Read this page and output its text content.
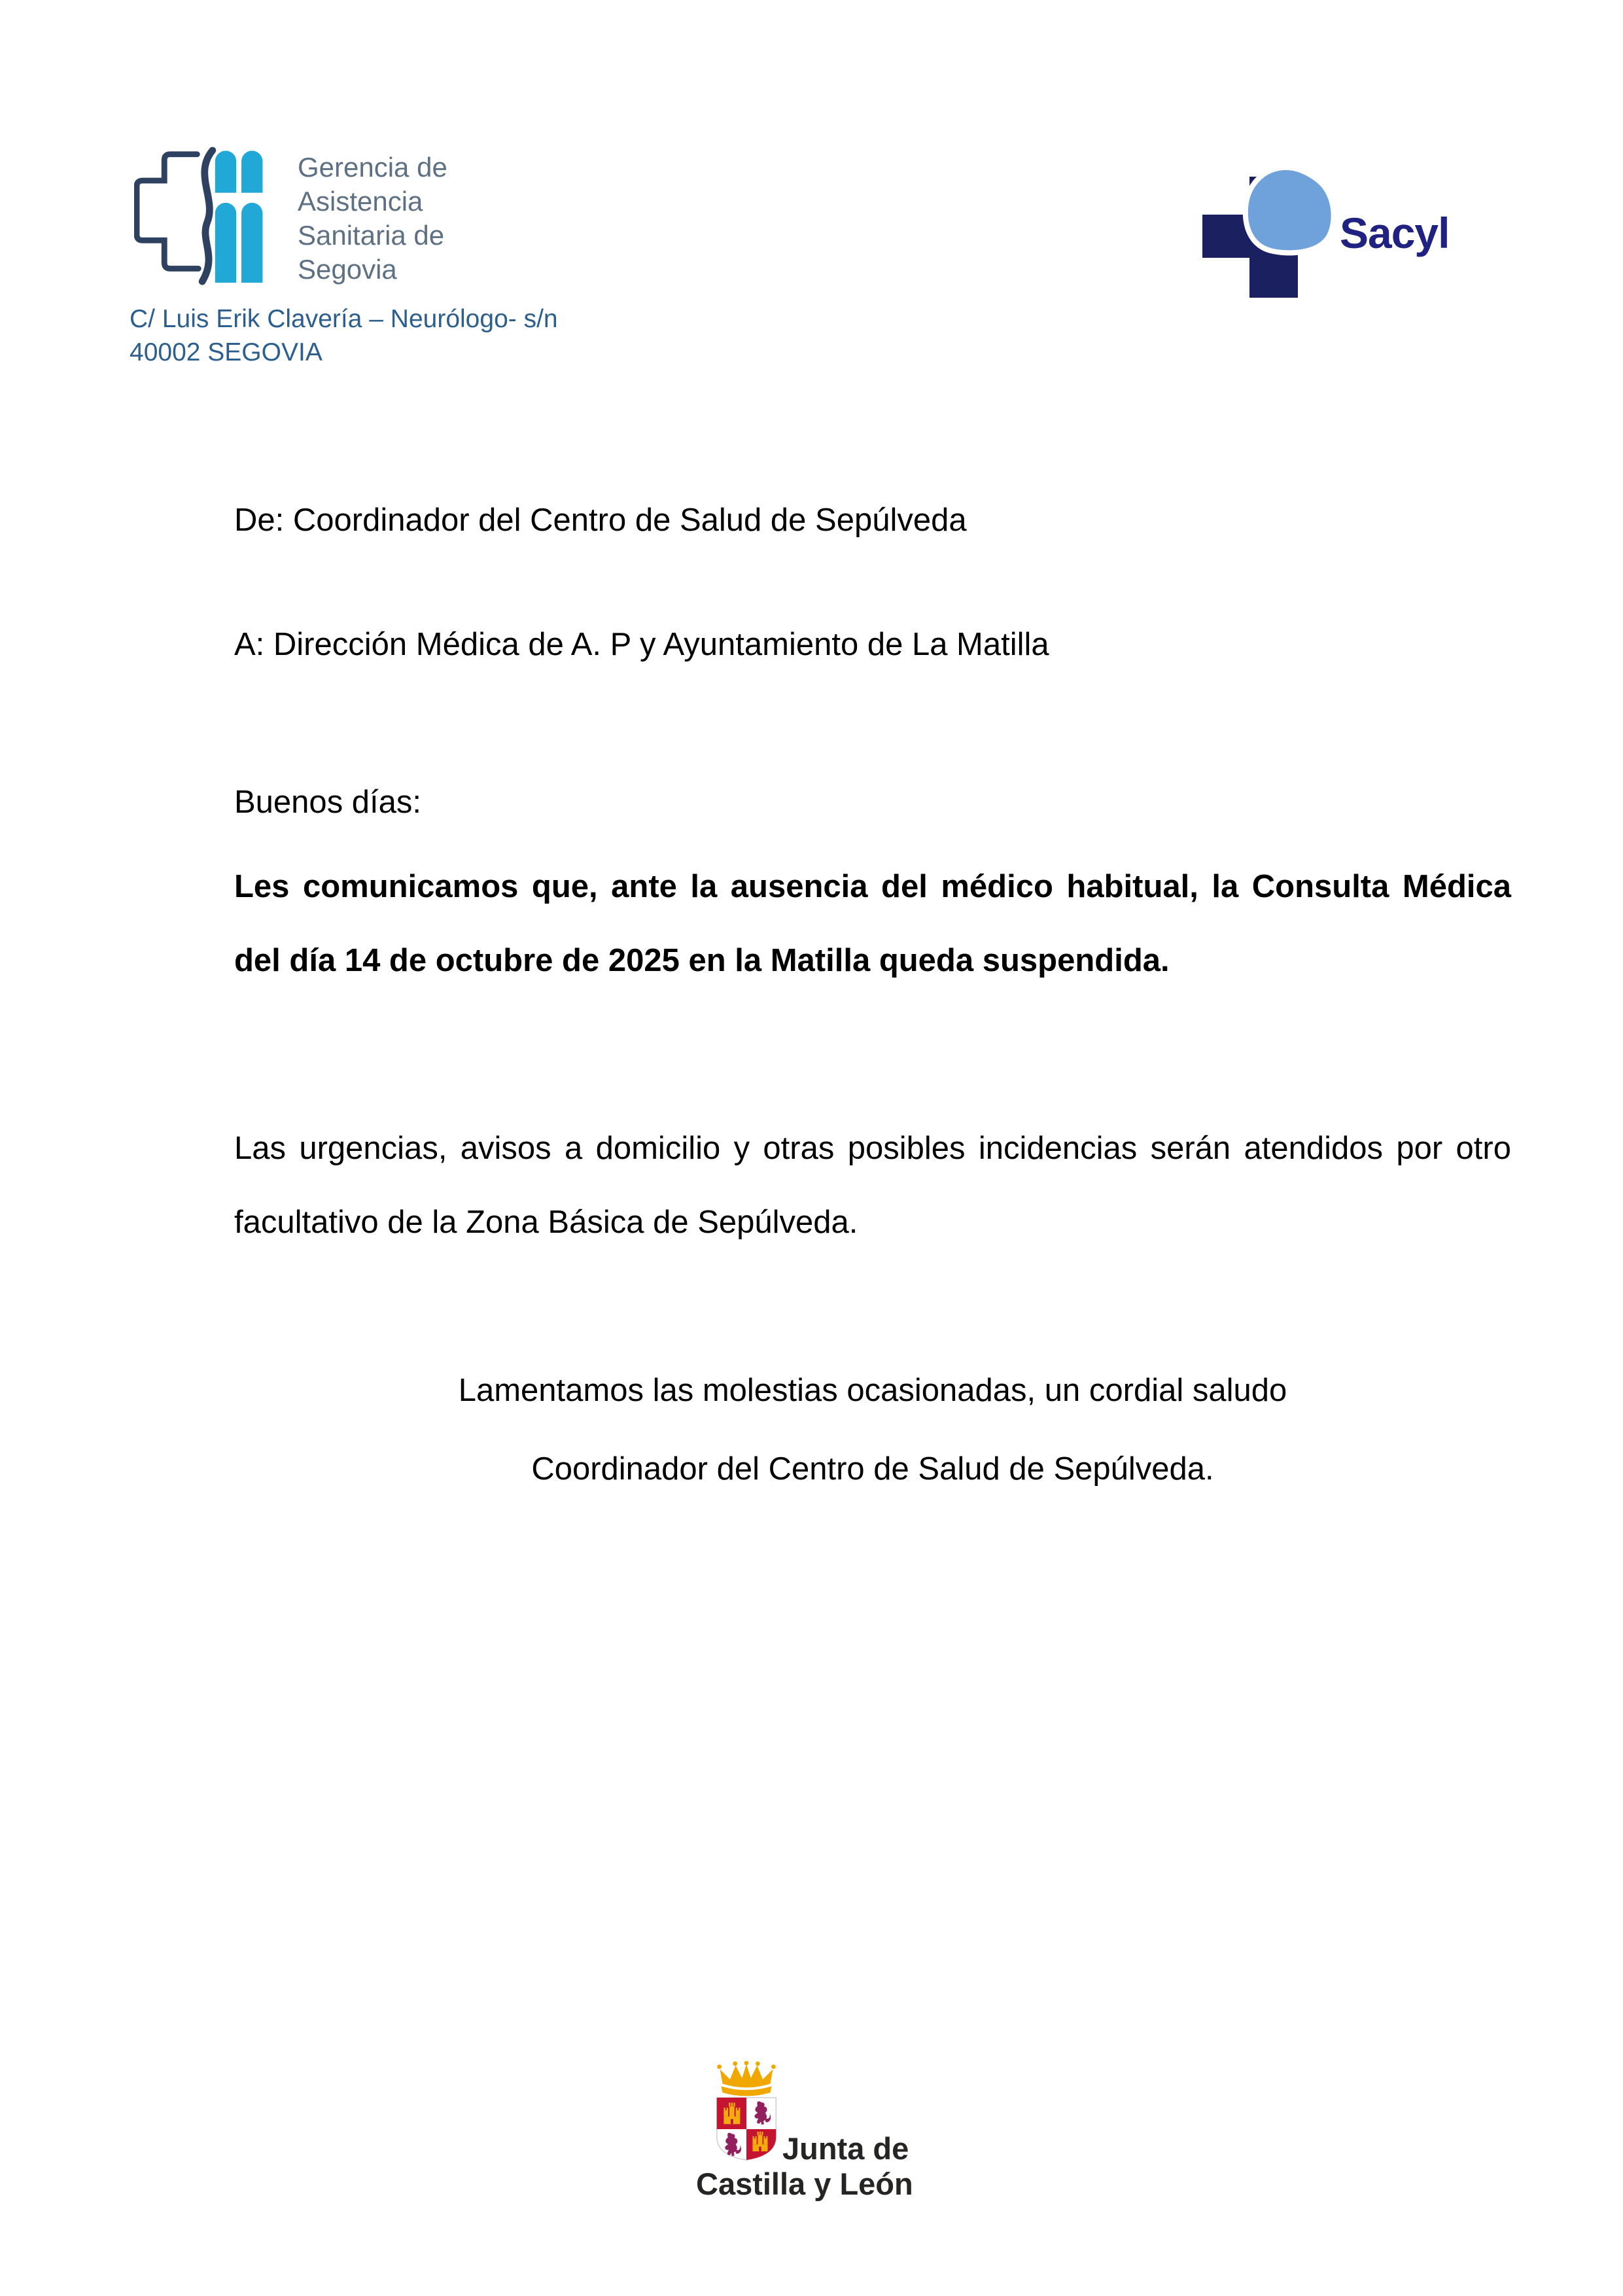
Gerencia de
Asistencia
Sanitaria de
Segovia
C/ Luis Erik Clavería – Neurólogo- s/n
40002 SEGOVIA
Sacyl
De: Coordinador del Centro de Salud de Sepúlveda
A: Dirección Médica de A. P y Ayuntamiento de La Matilla
Buenos días:
Les comunicamos que, ante la ausencia del médico habitual, la Consulta Médica
del día 14 de octubre de 2025 en la Matilla queda suspendida.
Las urgencias, avisos a domicilio y otras posibles incidencias serán atendidos por otro
facultativo de la Zona Básica de Sepúlveda.
Lamentamos las molestias ocasionadas, un cordial saludo
Coordinador del Centro de Salud de Sepúlveda.
Junta de
Castilla y León
